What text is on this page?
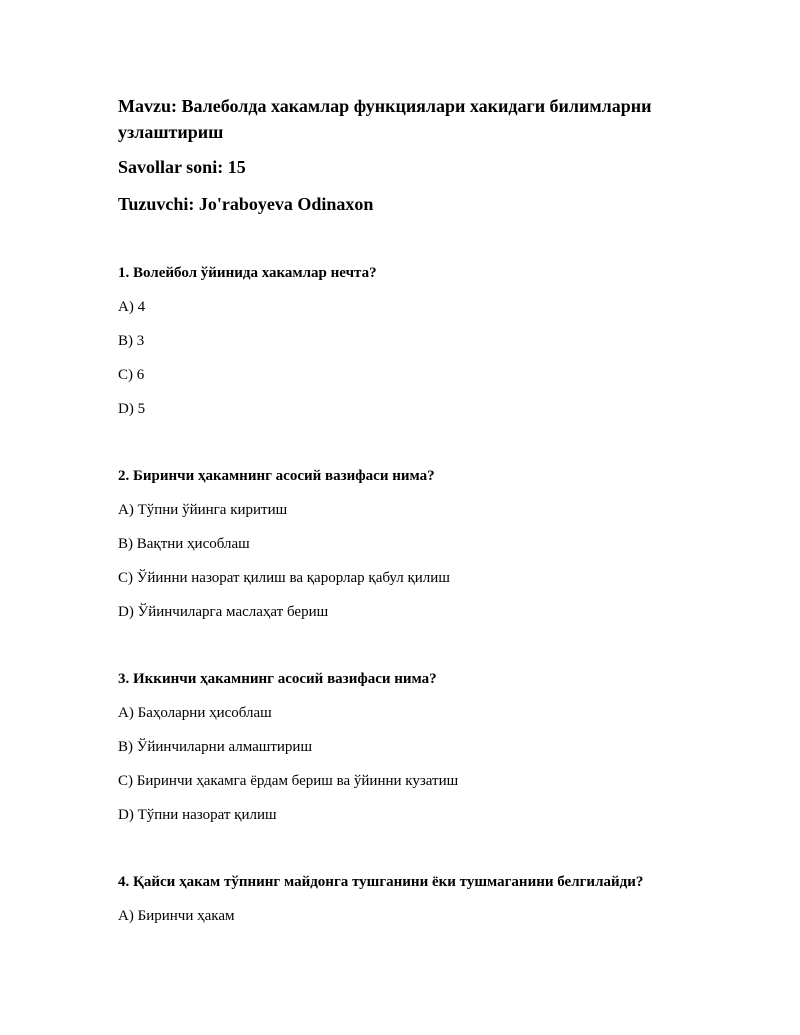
Mavzu: Валеболда хакамлар функциялари хакидаги билимларни узлаштириш
Savollar soni: 15
Tuzuvchi: Jo'raboyeva Odinaxon
1. Волейбол ўйинида хакамлар нечта?
A) 4
B) 3
C) 6
D) 5
2. Биринчи ҳакамнинг асосий вазифаси нима?
A) Тўпни ўйинга киритиш
B) Вақтни ҳисоблаш
C) Ўйинни назорат қилиш ва қарорлар қабул қилиш
D) Ўйинчиларга маслаҳат бериш
3. Иккинчи ҳакамнинг асосий вазифаси нима?
A) Баҳоларни ҳисоблаш
B) Ўйинчиларни алмаштириш
C) Биринчи ҳакамга ёрдам бериш ва ўйинни кузатиш
D) Тўпни назорат қилиш
4. Қайси ҳакам тўпнинг майдонга тушганини ёки тушмаганини белгилайди?
A) Биринчи ҳакам
